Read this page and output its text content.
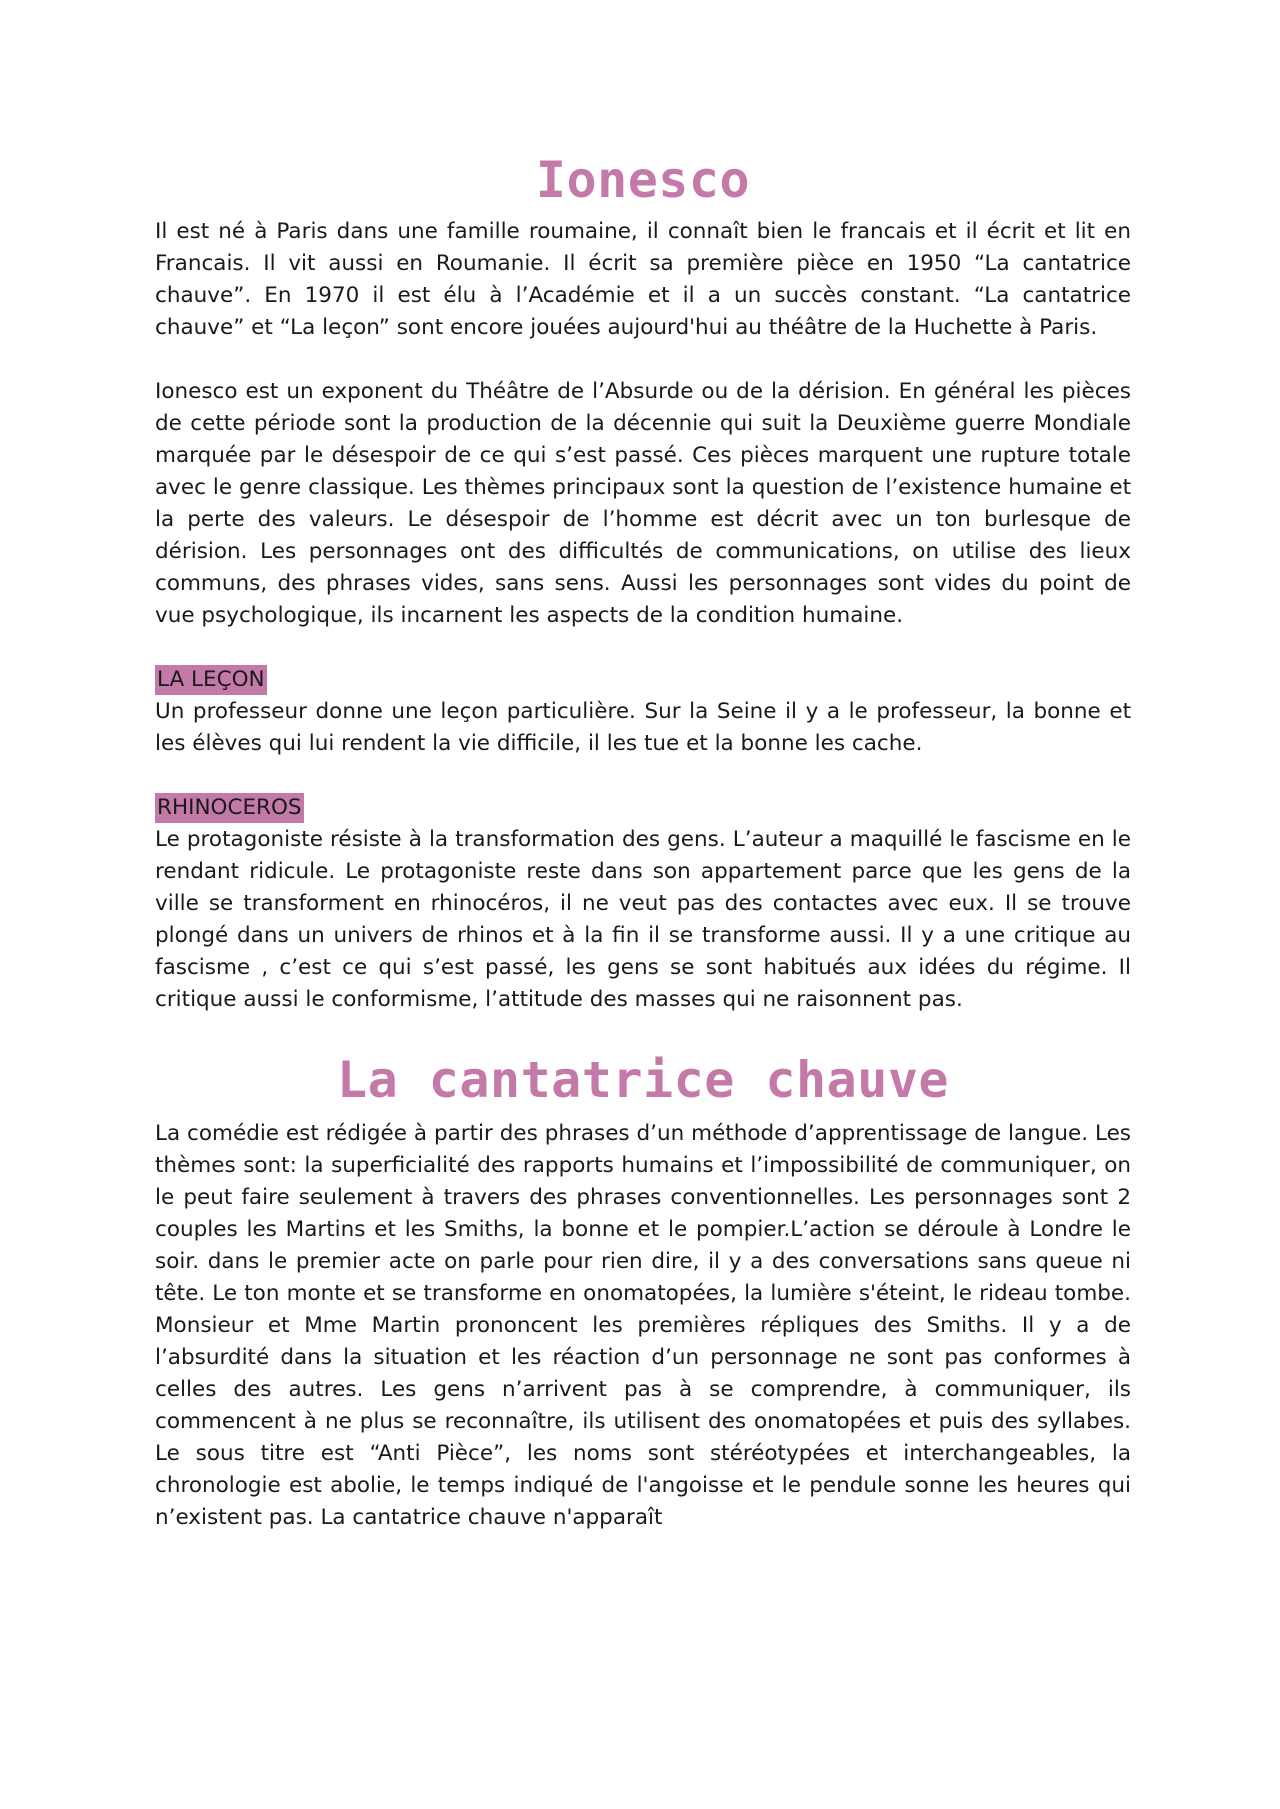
Ionesco

Il est né à Paris dans une famille roumaine, il connaît bien le francais et il écrit et lit en Francais. Il vit aussi en Roumanie. Il écrit sa première pièce en 1950 “La cantatrice chauve”. En 1970 il est élu à l’Académie et il a un succès constant. “La cantatrice chauve” et “La leçon” sont encore jouées aujourd'hui au théâtre de la Huchette à Paris.

Ionesco est un exponent du Théâtre de l’Absurde ou de la dérision. En général les pièces de cette période sont la production de la décennie qui suit la Deuxième guerre Mondiale marquée par le désespoir de ce qui s’est passé. Ces pièces marquent une rupture totale avec le genre classique. Les thèmes principaux sont la question de l’existence humaine et la perte des valeurs. Le désespoir de l’homme est décrit avec un ton burlesque de dérision. Les personnages ont des difficultés de communications, on utilise des lieux communs, des phrases vides, sans sens. Aussi les personnages sont vides du point de vue psychologique, ils incarnent les aspects de la condition humaine.

LA LEÇON

Un professeur donne une leçon particulière. Sur la Seine il y a le professeur, la bonne et les élèves qui lui rendent la vie difficile, il les tue et la bonne les cache.

RHINOCEROS

Le protagoniste résiste à la transformation des gens. L’auteur a maquillé le fascisme en le rendant ridicule. Le protagoniste reste dans son appartement parce que les gens de la ville se transforment en rhinocéros, il ne veut pas des contactes avec eux. Il se trouve plongé dans un univers de rhinos et à la fin il se transforme aussi. Il y a une critique au fascisme , c’est ce qui s’est passé, les gens se sont habitués aux idées du régime. Il critique aussi le conformisme, l’attitude des masses qui ne raisonnent pas.

La cantatrice chauve

La comédie est rédigée à partir des phrases d’un méthode d’apprentissage de langue. Les thèmes sont: la superficialité des rapports humains et l’impossibilité de communiquer, on le peut faire seulement à travers des phrases conventionnelles. Les personnages sont 2 couples les Martins et les Smiths, la bonne et le pompier.L’action se déroule à Londre le soir. dans le premier acte on parle pour rien dire, il y a des conversations sans queue ni tête. Le ton monte et se transforme en onomatopées, la lumière s'éteint, le rideau tombe. Monsieur et Mme Martin prononcent les premières répliques des Smiths. Il y a de l’absurdité dans la situation et les réaction d’un personnage ne sont pas conformes à celles des autres. Les gens n’arrivent pas à se comprendre, à communiquer, ils commencent à ne plus se reconnaître, ils utilisent des onomatopées et puis des syllabes. Le sous titre est “Anti Pièce”, les noms sont stéréotypées et interchangeables, la chronologie est abolie, le temps indiqué de l'angoisse et le pendule sonne les heures qui n’existent pas. La cantatrice chauve n'apparaît
